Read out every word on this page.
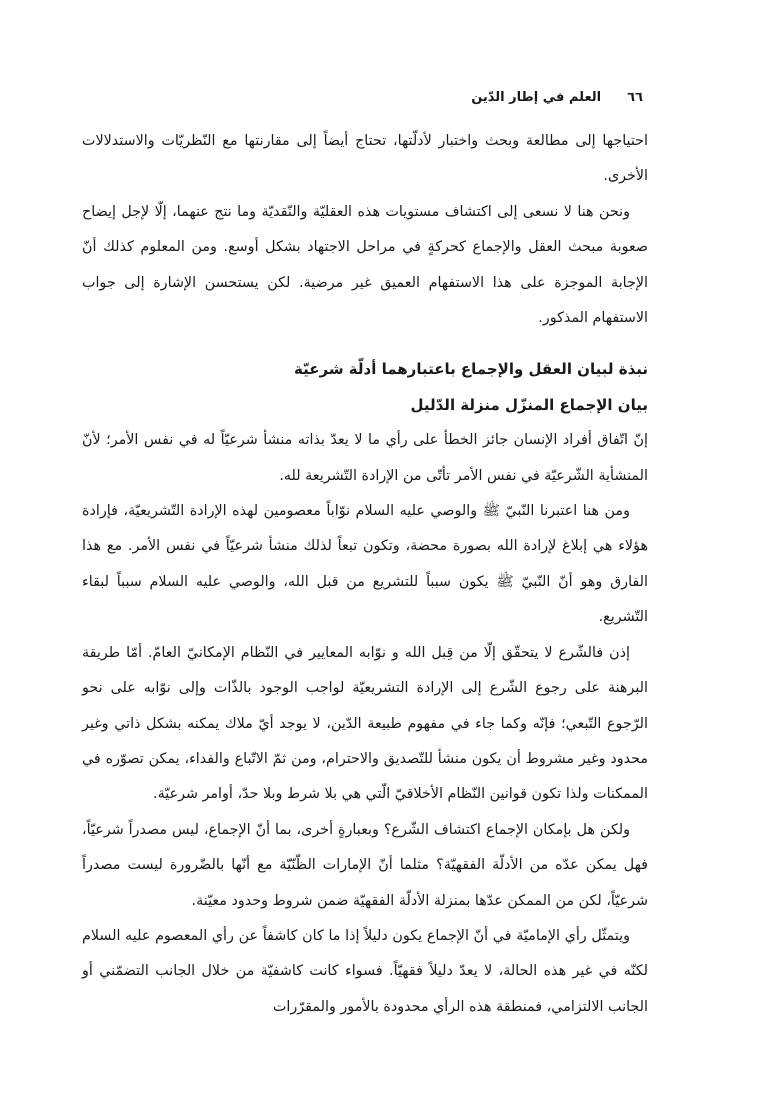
٦٦
العلم في إطار الدّين

احتياجها إلى مطالعة وبحث واختبار لأدلّتها، تحتاج أيضاً إلى مقارنتها مع النّظريّات والاستدلالات الأخرى.

ونحن هنا لا نسعى إلى اكتشاف مستويات هذه العقليّة والنّقديّة وما نتج عنهما، إلّا لإجل إيضاح صعوبة مبحث العقل والإجماع كحركةٍ في مراحل الاجتهاد بشكل أوسع. ومن المعلوم كذلك أنّ الإجابة الموجزة على هذا الاستفهام العميق غير مرضية. لكن يستحسن الإشارة إلى جواب الاستفهام المذكور.

نبذة لبيان العقل والإجماع باعتبارهما أدلّة شرعيّة
بيان الإجماع المنزّل منزلة الدّليل

إنّ اتّفاق أفراد الإنسان جائز الخطأ على رأي ما لا يعدّ بذاته منشأ شرعيّاً له في نفس الأمر؛ لأنّ المنشأية الشّرعيّة في نفس الأمر تأتّى من الإرادة التّشريعة لله.

ومن هنا اعتبرنا النّبيّ ﷺ والوصي عليه السلام نوّاباً معصومين لهذه الإرادة التّشريعيّة، فإرادة هؤلاء هي إبلاغ لإرادة الله بصورة محضة، وتكون تبعاً لذلك منشأ شرعيّاً في نفس الأمر. مع هذا الفارق وهو أنّ النّبيّ ﷺ يكون سبباً للتشريع من قبل الله، والوصي عليه السلام سبباً لبقاء التّشريع.

إذن فالشّرع لا يتحقّق إلّا من قِبل الله و نوّابه المعايير في النّظام الإمكانيّ العامّ. أمّا طريقة البرهنة على رجوع الشّرع إلى الإرادة التشريعيّة لواجب الوجود بالذّات وإلى نوّابه على نحو الرّجوع التّبعي؛ فإنّه وكما جاء في مفهوم طبيعة الدّين، لا يوجد أيّ ملاك يمكنه بشكل ذاتي وغير محدود وغير مشروط أن يكون منشأ للتّصديق والاحترام، ومن ثمّ الاتّباع والفداء، يمكن تصوّره في الممكنات ولذا تكون قوانين النّظام الأخلاقيّ الّتي هي بلا شرط وبلا حدّ، أوامر شرعيّة.

ولكن هل بإمكان الإجماع اكتشاف الشّرع؟ وبعبارةٍ أخرى، بما أنّ الإجماع، ليس مصدراً شرعيّاً، فهل يمكن عدّه من الأدلّة الفقهيّة؟ مثلما أنّ الإمارات الظّنّيّة مع أنّها بالضّرورة ليست مصدراً شرعيّاً، لكن من الممكن عدّها بمنزلة الأدلّة الفقهيّة ضمن شروط وحدود معيّنة.

ويتمثّل رأي الإماميّة في أنّ الإجماع يكون دليلاً إذا ما كان كاشفاً عن رأي المعصوم عليه السلام لكنّه في غير هذه الحالة، لا يعدّ دليلاً فقهيّاً. فسواء كانت كاشفيّة من خلال الجانب التضمّني أو الجانب الالتزامي، فمنطقة هذه الرأي محدودة بالأمور والمقرّرات
